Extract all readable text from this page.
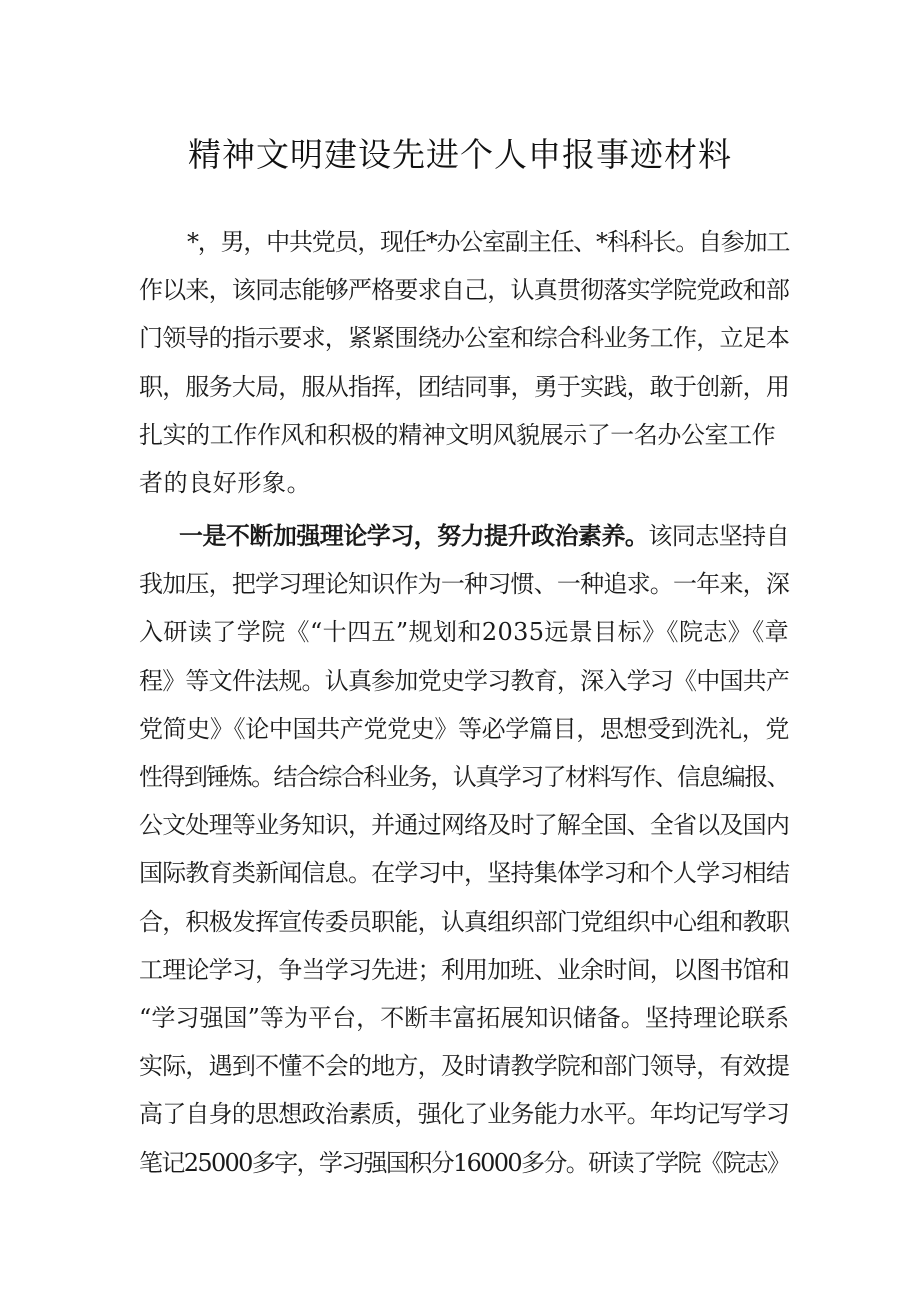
精神文明建设先进个人申报事迹材料
*，男，中共党员，现任*办公室副主任、*科科长。自参加工
作以来，该同志能够严格要求自己，认真贯彻落实学院党政和部
门领导的指示要求，紧紧围绕办公室和综合科业务工作，立足本
职，服务大局，服从指挥，团结同事，勇于实践，敢于创新，用
扎实的工作作风和积极的精神文明风貌展示了一名办公室工作
者的良好形象。
一是不断加强理论学习，努力提升政治素养。该同志坚持自
我加压，把学习理论知识作为一种习惯、一种追求。一年来，深
入研读了学院《“十四五”规划和2035远景目标》《院志》《章
程》等文件法规。认真参加党史学习教育，深入学习《中国共产
党简史》《论中国共产党党史》等必学篇目，思想受到洗礼，党
性得到锤炼。结合综合科业务，认真学习了材料写作、信息编报、
公文处理等业务知识，并通过网络及时了解全国、全省以及国内
国际教育类新闻信息。在学习中，坚持集体学习和个人学习相结
合，积极发挥宣传委员职能，认真组织部门党组织中心组和教职
工理论学习，争当学习先进；利用加班、业余时间，以图书馆和
“学习强国”等为平台，不断丰富拓展知识储备。坚持理论联系
实际，遇到不懂不会的地方，及时请教学院和部门领导，有效提
高了自身的思想政治素质，强化了业务能力水平。年均记写学习
笔记25000多字，学习强国积分16000多分。研读了学院《院志》
